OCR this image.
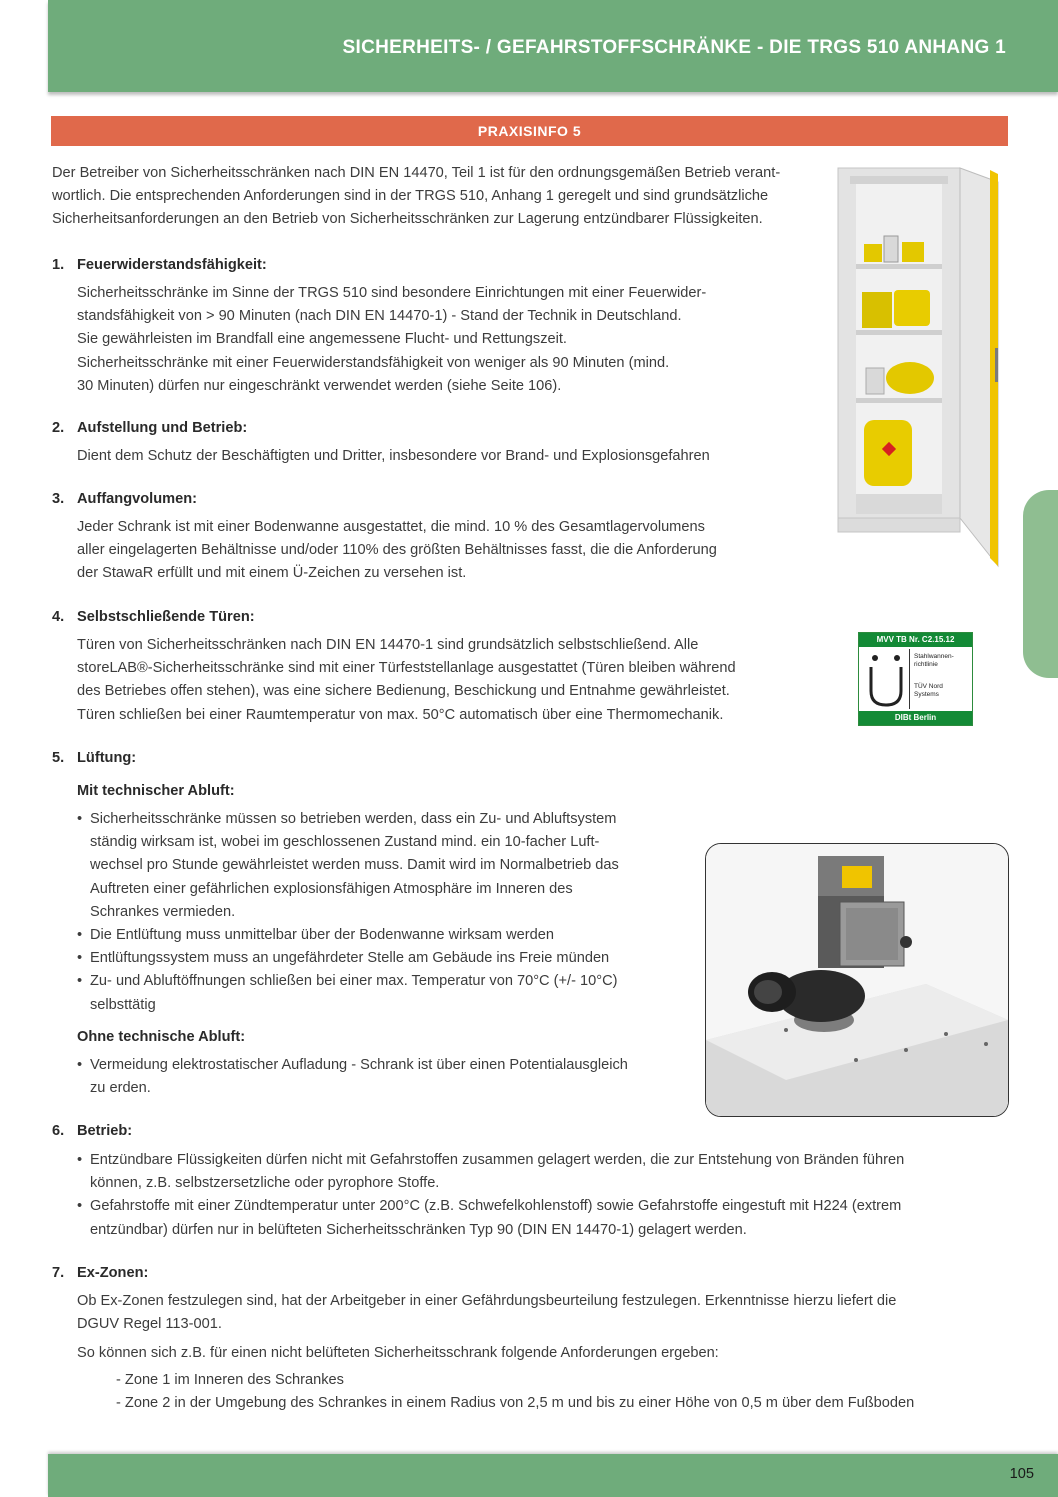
SICHERHEITS- / GEFAHRSTOFFSCHRÄNKE - DIE TRGS 510 ANHANG 1
PRAXISINFO 5
Der Betreiber von Sicherheitsschränken nach DIN EN 14470, Teil 1 ist für den ordnungsgemäßen Betrieb verant-
wortlich. Die entsprechenden Anforderungen sind in der TRGS 510, Anhang 1 geregelt und sind grundsätzliche
Sicherheitsanforderungen an den Betrieb von Sicherheitsschränken zur Lagerung entzündbarer Flüssigkeiten.
1. Feuerwiderstandsfähigkeit:
Sicherheitsschränke im Sinne der TRGS 510 sind besondere Einrichtungen mit einer Feuerwider-
standsfähigkeit von > 90 Minuten (nach DIN EN 14470-1) - Stand der Technik in Deutschland.
Sie gewährleisten im Brandfall eine angemessene Flucht- und Rettungszeit.
Sicherheitsschränke mit einer Feuerwiderstandsfähigkeit von weniger als 90 Minuten (mind.
30 Minuten) dürfen nur eingeschränkt verwendet werden (siehe Seite 106).
2. Aufstellung und Betrieb:
Dient dem Schutz der Beschäftigten und Dritter, insbesondere vor Brand- und Explosionsgefahren
3. Auffangvolumen:
Jeder Schrank ist mit einer Bodenwanne ausgestattet, die mind. 10 % des Gesamtlagervolumens
aller eingelagerten Behältnisse und/oder 110% des größten Behältnisses fasst, die die Anforderung
der StawaR erfüllt und mit einem Ü-Zeichen zu versehen ist.
4. Selbstschließende Türen:
Türen von Sicherheitsschränken nach DIN EN 14470-1 sind grundsätzlich selbstschließend. Alle
storeLAB®-Sicherheitsschränke sind mit einer Türfeststellanlage ausgestattet (Türen bleiben während
des Betriebes offen stehen), was eine sichere Bedienung, Beschickung und Entnahme gewährleistet.
Türen schließen bei einer Raumtemperatur von max. 50°C automatisch über eine Thermomechanik.
5. Lüftung:
Mit technischer Abluft:
• Sicherheitsschränke müssen so betrieben werden, dass ein Zu- und Abluftsystem ständig wirksam ist, wobei im geschlossenen Zustand mind. ein 10-facher Luft-wechsel pro Stunde gewährleistet werden muss. Damit wird im Normalbetrieb das Auftreten einer gefährlichen explosionsfähigen Atmosphäre im Inneren des Schrankes vermieden.
• Die Entlüftung muss unmittelbar über der Bodenwanne wirksam werden
• Entlüftungssystem muss an ungefährdeter Stelle am Gebäude ins Freie münden
• Zu- und Abluftöffnungen schließen bei einer max. Temperatur von 70°C (+/- 10°C) selbsttätig
Ohne technische Abluft:
• Vermeidung elektrostatischer Aufladung - Schrank ist über einen Potentialausgleich zu erden.
6. Betrieb:
• Entzündbare Flüssigkeiten dürfen nicht mit Gefahrstoffen zusammen gelagert werden, die zur Entstehung von Bränden führen können, z.B. selbstzersetzliche oder pyrophore Stoffe.
• Gefahrstoffe mit einer Zündtemperatur unter 200°C (z.B. Schwefelkohlenstoff) sowie Gefahrstoffe eingestuft mit H224 (extrem entzündbar) dürfen nur in belüfteten Sicherheitsschränken Typ 90 (DIN EN 14470-1) gelagert werden.
7. Ex-Zonen:
Ob Ex-Zonen festzulegen sind, hat der Arbeitgeber in einer Gefährdungsbeurteilung festzulegen. Erkenntnisse hierzu liefert die
DGUV Regel 113-001.
So können sich z.B. für einen nicht belüfteten Sicherheitsschrank folgende Anforderungen ergeben:
- Zone 1 im Inneren des Schrankes
- Zone 2 in der Umgebung des Schrankes in einem Radius von 2,5 m und bis zu einer Höhe von 0,5 m über dem Fußboden
MVV TB Nr. C2.15.12
Stahlwannen-richtlinie
TÜV Nord Systems
DIBt Berlin
105
